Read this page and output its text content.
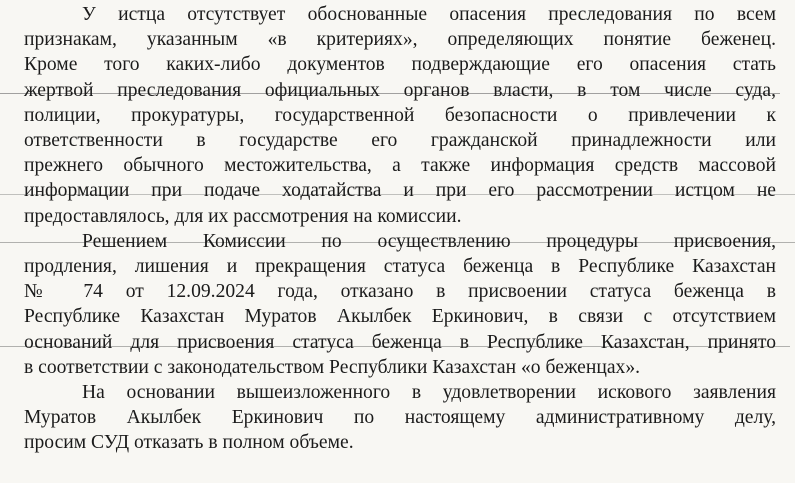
У истца отсутствует обоснованные опасения преследования по всем
признакам, указанным «в критериях», определяющих понятие беженец.
Кроме того каких-либо документов подверждающие его опасения стать
жертвой преследования официальных органов власти, в том числе суда,
полиции, прокуратуры, государственной безопасности о привлечении к
ответственности в государстве его гражданской принадлежности или
прежнего обычного местожительства, а также информация средств массовой
информации при подаче ходатайства и при его рассмотрении истцом не
предоставлялось, для их рассмотрения на комиссии.
Решением Комиссии по осуществлению процедуры присвоения,
продления, лишения и прекращения статуса беженца в Республике Казахстан
№ 74 от 12.09.2024 года, отказано в присвоении статуса беженца в
Республике Казахстан Муратов Акылбек Еркинович, в связи с отсутствием
оснований для присвоения статуса беженца в Республике Казахстан, принято
в соответствии с законодательством Республики Казахстан «о беженцах».
На основании вышеизложенного в удовлетворении искового заявления
Муратов Акылбек Еркинович по настоящему административному делу,
просим СУД отказать в полном объеме.
